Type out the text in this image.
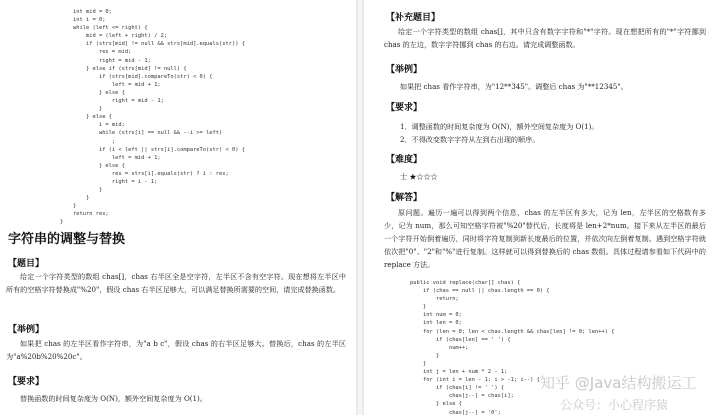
int mid = 0;
int i = 0;
while (left <= right) {
mid = (left + right) / 2;
if (strs[mid] != null && strs[mid].equals(str)) {
res = mid;
right = mid - 1;
} else if (strs[mid] != null) {
if (strs[mid].compareTo(str) < 0) {
left = mid + 1;
} else {
right = mid - 1;
}
} else {
i = mid;
while (strs[i] == null && --i >= left)
;
if (i < left || strs[i].compareTo(str) < 0) {
left = mid + 1;
} else {
res = strs[i].equals(str) ? i : res;
right = i - 1;
}
}
}
return res;
}
字符串的调整与替换
【题目】

给定一个字符类型的数组 chas[]，chas 右半区全是空字符，左半区不含有空字符。现在想将左半区中所有的空格字符替换成"%20"，假设 chas 右半区足够大，可以满足替换所需要的空间，请完成替换函数。

【举例】

如果把 chas 的左半区看作字符串，为"a b c"，假设 chas 的右半区足够大。替换后，chas 的左半区为"a%20b%20%20c"。

【要求】

替换函数的时间复杂度为 O(N)，额外空间复杂度为 O(1)。

【补充题目】

给定一个字符类型的数组 chas[]，其中只含有数字字符和"*"字符。现在想把所有的"*"字符挪到 chas 的左边，数字字符挪到 chas 的右边。请完成调整函数。

【举例】

如果把 chas 看作字符串，为"12**345"。调整后 chas 为"**12345"。

【要求】

1．调整函数的时间复杂度为 O(N)，额外空间复杂度为 O(1)。

2．不得改变数字字符从左到右出现的顺序。

【难度】

士 ★☆☆☆

【解答】

原问题。遍历一遍可以得到两个信息，chas 的左半区有多大，记为 len，左半区的空格数有多少，记为 num，那么可知空格字符被"%20"替代后，长度将是 len+2*num。接下来从左半区的最后一个字符开始倒着遍历，同时将字符复制到新长度最后的位置，并依次向左倒着复制。遇到空格字符就依次把"0"、"2"和"%"进行复制。这样就可以得到替换后的 chas 数组。具体过程请参看如下代码中的 replace 方法。

public void replace(char[] chas) {
if (chas == null || chas.length == 0) {
return;
}
int num = 0;
int len = 0;
for (len = 0; len < chas.length && chas[len] != 0; len++) {
if (chas[len] == ' ') {
num++;
}
}
int j = len + num * 2 - 1;
for (int i = len - 1; i > -1; i--) {
if (chas[i] != ' ') {
chas[j--] = chas[i];
} else {
chas[j--] = '0';
知乎 @Java结构搬运工
公众号：小心程序猿
